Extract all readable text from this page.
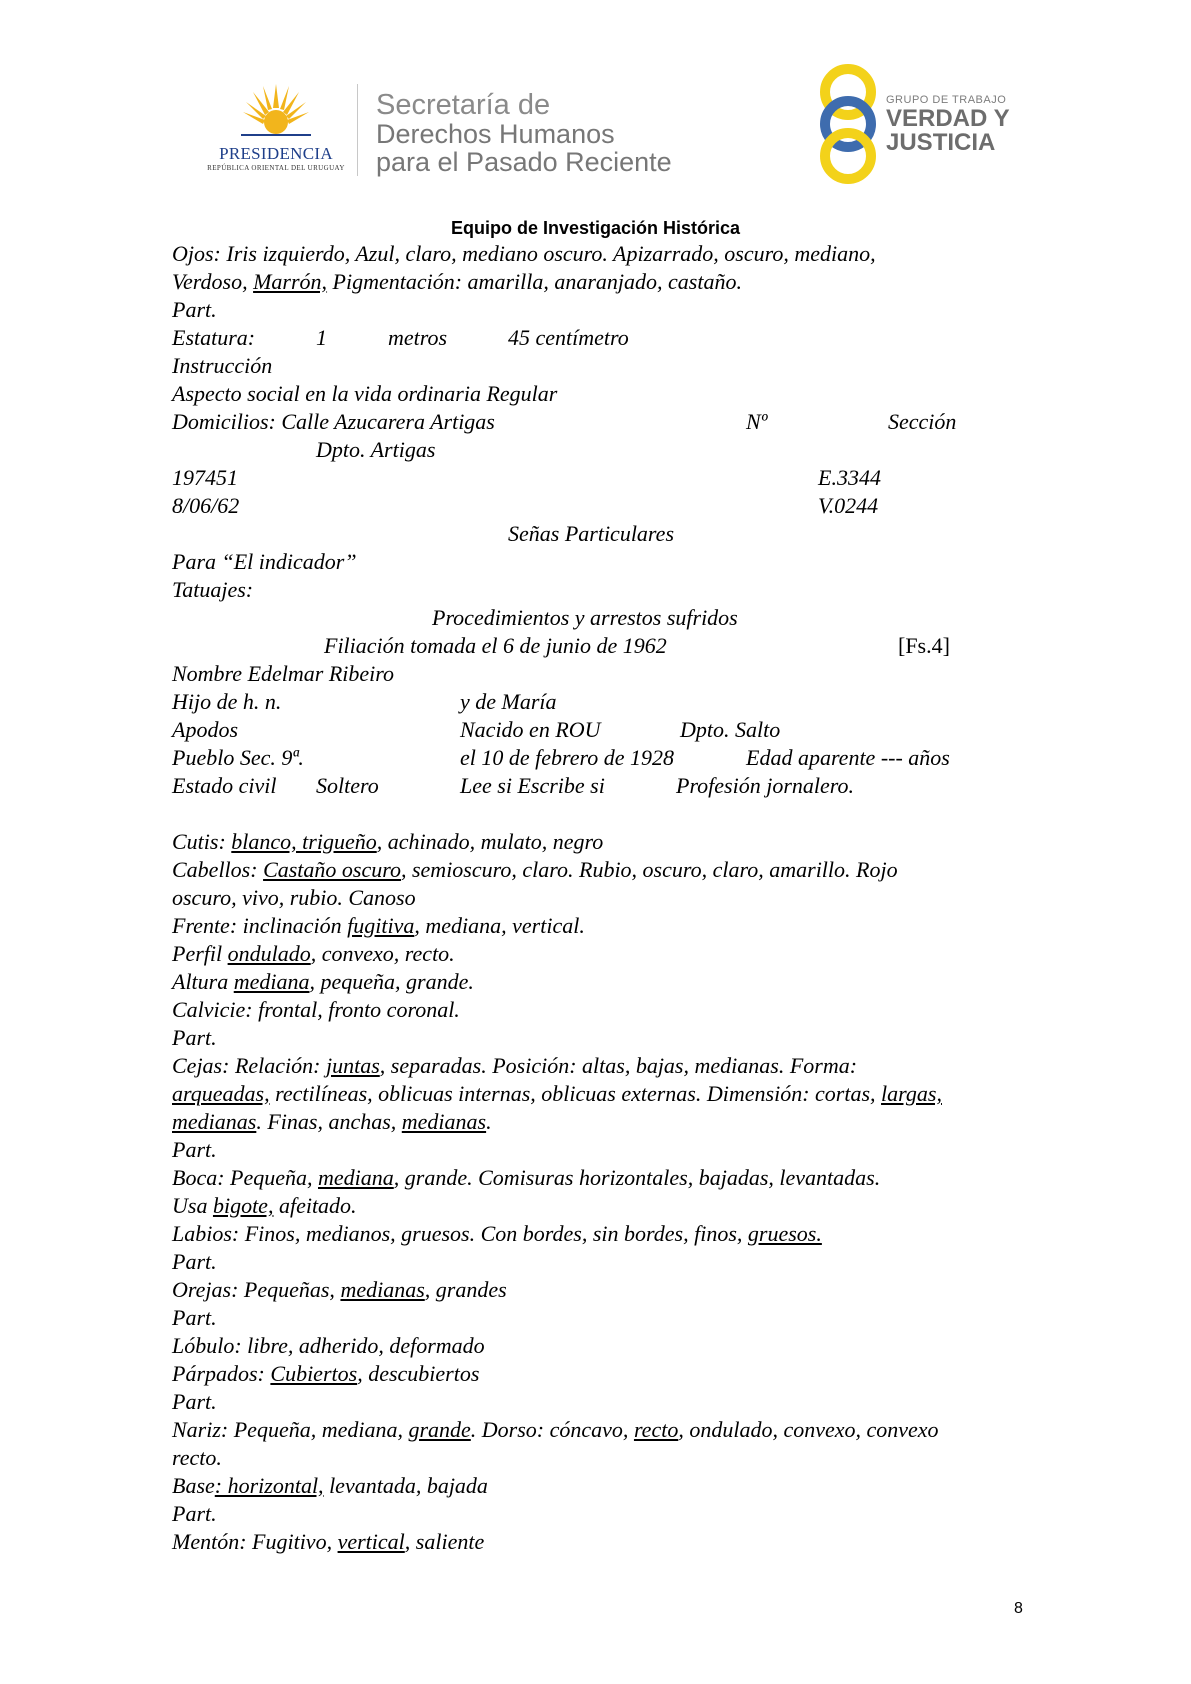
PRESIDENCIA
REPÚBLICA ORIENTAL DEL URUGUAY
Secretaría de
Derechos Humanos
para el Pasado Reciente
GRUPO DE TRABAJO
VERDAD Y
JUSTICIA
Equipo de Investigación Histórica
Ojos: Iris izquierdo, Azul, claro, mediano oscuro. Apizarrado, oscuro, mediano,
Verdoso, Marrón, Pigmentación: amarilla, anaranjado, castaño.
Part.
Estatura:	1	metros	45 centímetro
Instrucción
Aspecto social en la vida ordinaria Regular
Domicilios: Calle Azucarera Artigas	Nº	Sección
Dpto. Artigas
197451	E.3344
8/06/62	V.0244
Señas Particulares
Para “El indicador”
Tatuajes:
Procedimientos y arrestos sufridos
Filiación tomada el 6 de junio de 1962	[Fs.4]
Nombre Edelmar Ribeiro
Hijo de h. n.	y de María
Apodos	Nacido en ROU	Dpto. Salto
Pueblo Sec. 9ª.	el 10 de febrero de 1928	Edad aparente --- años
Estado civil Soltero	Lee si Escribe si	Profesión jornalero.
Cutis: blanco, trigueño, achinado, mulato, negro
Cabellos: Castaño oscuro, semioscuro, claro. Rubio, oscuro, claro, amarillo. Rojo
oscuro, vivo, rubio. Canoso
Frente: inclinación fugitiva, mediana, vertical.
Perfil ondulado, convexo, recto.
Altura mediana, pequeña, grande.
Calvicie: frontal, fronto coronal.
Part.
Cejas: Relación: juntas, separadas. Posición: altas, bajas, medianas. Forma:
arqueadas, rectilíneas, oblicuas internas, oblicuas externas. Dimensión: cortas, largas,
medianas. Finas, anchas, medianas.
Part.
Boca: Pequeña, mediana, grande. Comisuras horizontales, bajadas, levantadas.
Usa bigote, afeitado.
Labios: Finos, medianos, gruesos. Con bordes, sin bordes, finos, gruesos.
Part.
Orejas: Pequeñas, medianas, grandes
Part.
Lóbulo: libre, adherido, deformado
Párpados: Cubiertos, descubiertos
Part.
Nariz: Pequeña, mediana, grande. Dorso: cóncavo, recto, ondulado, convexo, convexo
recto.
Base: horizontal, levantada, bajada
Part.
Mentón: Fugitivo, vertical, saliente
8
